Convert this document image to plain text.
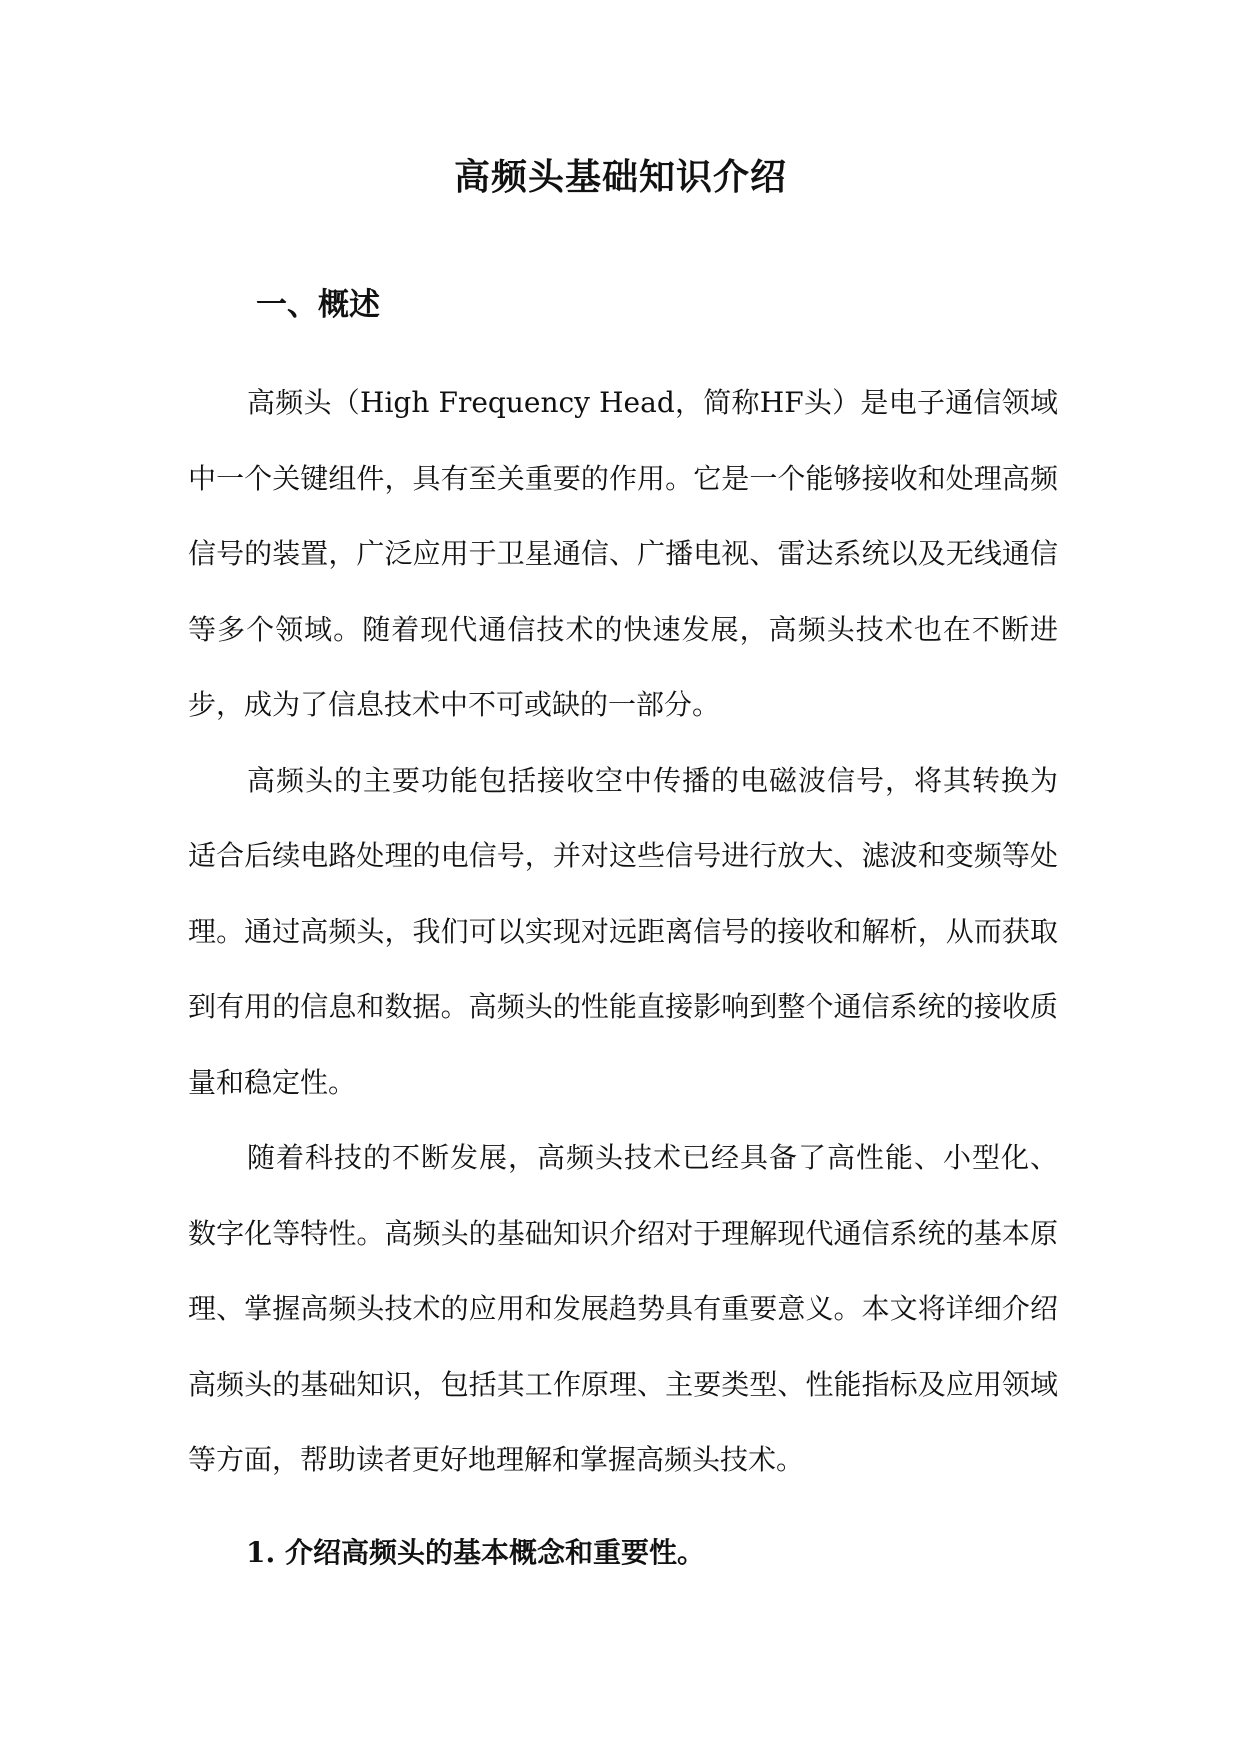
高频头基础知识介绍
一、概述

高频头（High Frequency Head，简称HF头）是电子通信领域中一个关键组件，具有至关重要的作用。它是一个能够接收和处理高频信号的装置，广泛应用于卫星通信、广播电视、雷达系统以及无线通信等多个领域。随着现代通信技术的快速发展，高频头技术也在不断进步，成为了信息技术中不可或缺的一部分。

高频头的主要功能包括接收空中传播的电磁波信号，将其转换为适合后续电路处理的电信号，并对这些信号进行放大、滤波和变频等处理。通过高频头，我们可以实现对远距离信号的接收和解析，从而获取到有用的信息和数据。高频头的性能直接影响到整个通信系统的接收质量和稳定性。

随着科技的不断发展，高频头技术已经具备了高性能、小型化、数字化等特性。高频头的基础知识介绍对于理解现代通信系统的基本原理、掌握高频头技术的应用和发展趋势具有重要意义。本文将详细介绍高频头的基础知识，包括其工作原理、主要类型、性能指标及应用领域等方面，帮助读者更好地理解和掌握高频头技术。

1. 介绍高频头的基本概念和重要性。
